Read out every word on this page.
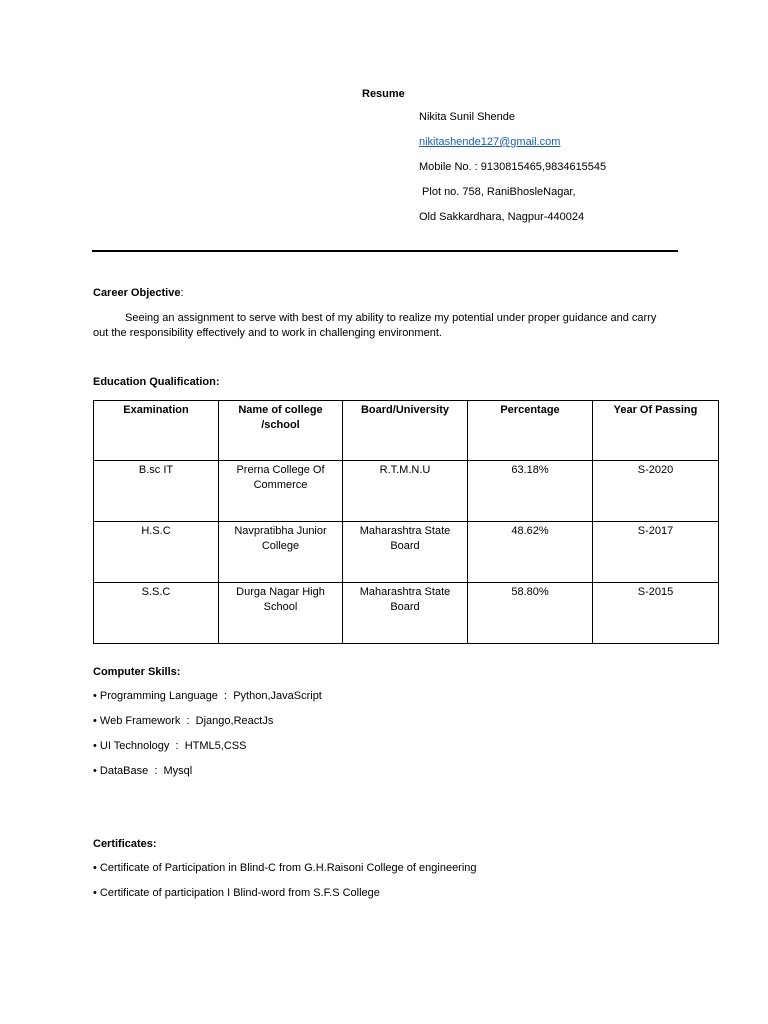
Resume
Nikita Sunil Shende
nikitashende127@gmail.com
Mobile No. : 9130815465,9834615545
Plot no. 758, RaniBhosleNagar,
Old Sakkardhara, Nagpur-440024
Career Objective:
Seeing an assignment to serve with best of my ability to realize my potential under proper guidance and carry out the responsibility effectively and to work in challenging environment.
Education Qualification:
Examination	Name of college /school	Board/University	Percentage	Year Of Passing
B.sc IT	Prerna College Of Commerce	R.T.M.N.U	63.18%	S-2020
H.S.C	Navpratibha Junior College	Maharashtra State Board	48.62%	S-2017
S.S.C	Durga Nagar High School	Maharashtra State Board	58.80%	S-2015
Computer Skills:
• Programming Language  :  Python,JavaScript
• Web Framework  :  Django,ReactJs
• UI Technology  :  HTML5,CSS
• DataBase  :  Mysql
Certificates:
• Certificate of Participation in Blind-C from G.H.Raisoni College of engineering
• Certificate of participation I Blind-word from S.F.S College
